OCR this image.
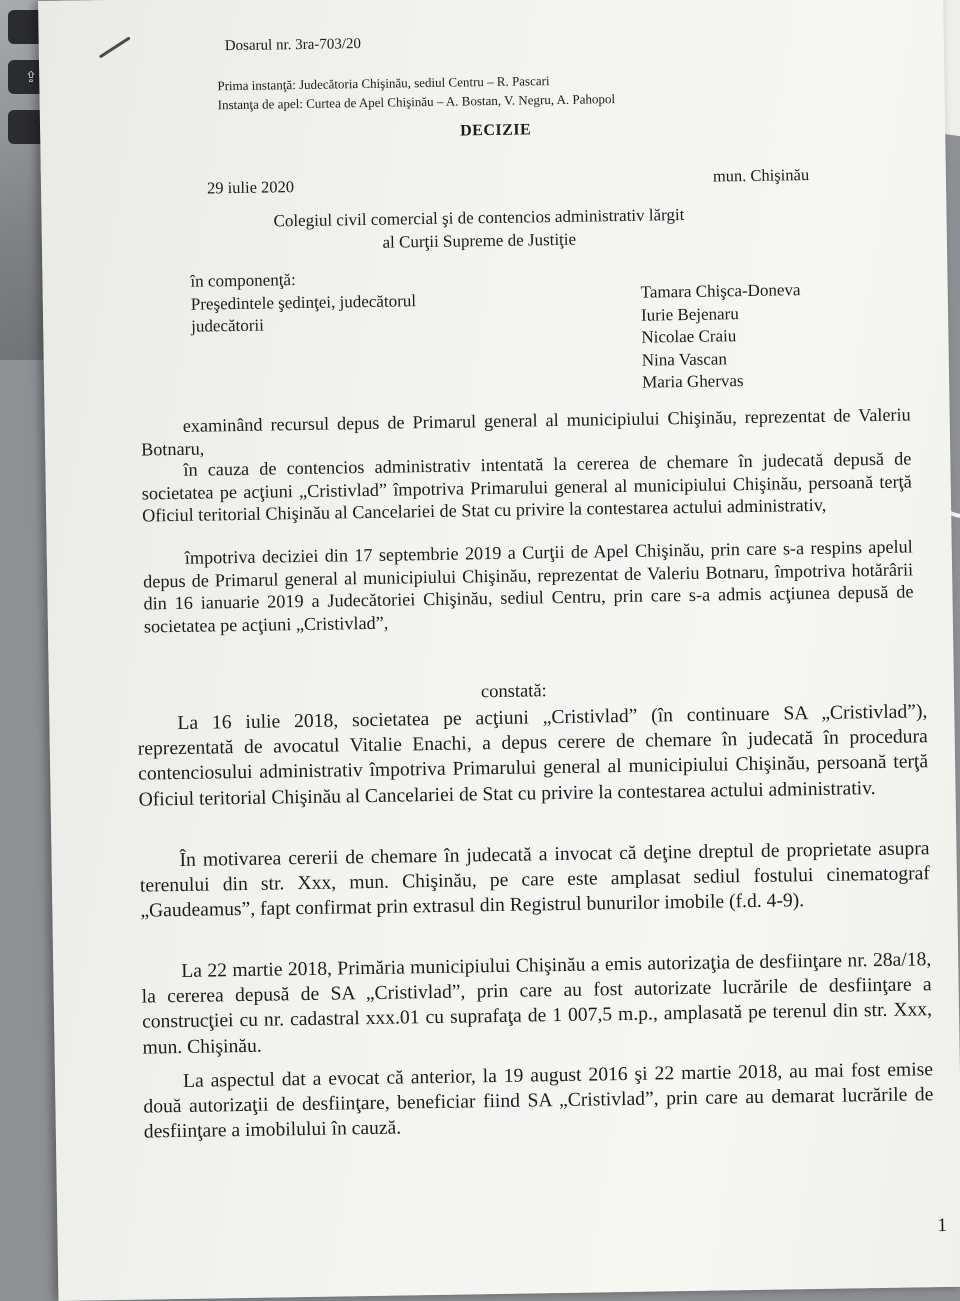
⇪
Dosarul nr. 3ra-703/20
Prima instanţă: Judecătoria Chişinău, sediul Centru – R. Pascari
Instanţa de apel: Curtea de Apel Chişinău – A. Bostan, V. Negru, A. Pahopol
DECIZIE
29 iulie 2020
mun. Chişinău
Colegiul civil comercial şi de contencios administrativ lărgit
al Curţii Supreme de Justiţie
în componenţă:
Preşedintele şedinţei, judecătorul
judecătorii
Tamara Chişca-Doneva
Iurie Bejenaru
Nicolae Craiu
Nina Vascan
Maria Ghervas

examinând recursul depus de Primarul general al municipiului Chişinău, reprezentat de Valeriu Botnaru,

în cauza de contencios administrativ intentată la cererea de chemare în judecată depusă de societatea pe acţiuni „Cristivlad” împotriva Primarului general al municipiului Chişinău, persoană terţă Oficiul teritorial Chişinău al Cancelariei de Stat cu privire la contestarea actului administrativ,

împotriva deciziei din 17 septembrie 2019 a Curţii de Apel Chişinău, prin care s-a respins apelul depus de Primarul general al municipiului Chişinău, reprezentat de Valeriu Botnaru, împotriva hotărârii din 16 ianuarie 2019 a Judecătoriei Chişinău, sediul Centru, prin care s-a admis acţiunea depusă de societatea pe acţiuni „Cristivlad”,

constată:

La 16 iulie 2018, societatea pe acţiuni „Cristivlad” (în continuare SA „Cristivlad”), reprezentată de avocatul Vitalie Enachi, a depus cerere de chemare în judecată în procedura contenciosului administrativ împotriva Primarului general al municipiului Chişinău, persoană terţă Oficiul teritorial Chişinău al Cancelariei de Stat cu privire la contestarea actului administrativ.

În motivarea cererii de chemare în judecată a invocat că deţine dreptul de proprietate asupra terenului din str. Xxx, mun. Chişinău, pe care este amplasat sediul fostului cinematograf „Gaudeamus”, fapt confirmat prin extrasul din Registrul bunurilor imobile (f.d. 4-9).

La 22 martie 2018, Primăria municipiului Chişinău a emis autorizaţia de desfiinţare nr. 28a/18, la cererea depusă de SA „Cristivlad”, prin care au fost autorizate lucrările de desfiinţare a construcţiei cu nr. cadastral xxx.01 cu suprafaţa de 1 007,5 m.p., amplasată pe terenul din str. Xxx, mun. Chişinău.

La aspectul dat a evocat că anterior, la 19 august 2016 şi 22 martie 2018, au mai fost emise două autorizaţii de desfiinţare, beneficiar fiind SA „Cristivlad”, prin care au demarat lucrările de desfiinţare a imobilului în cauză.

1
